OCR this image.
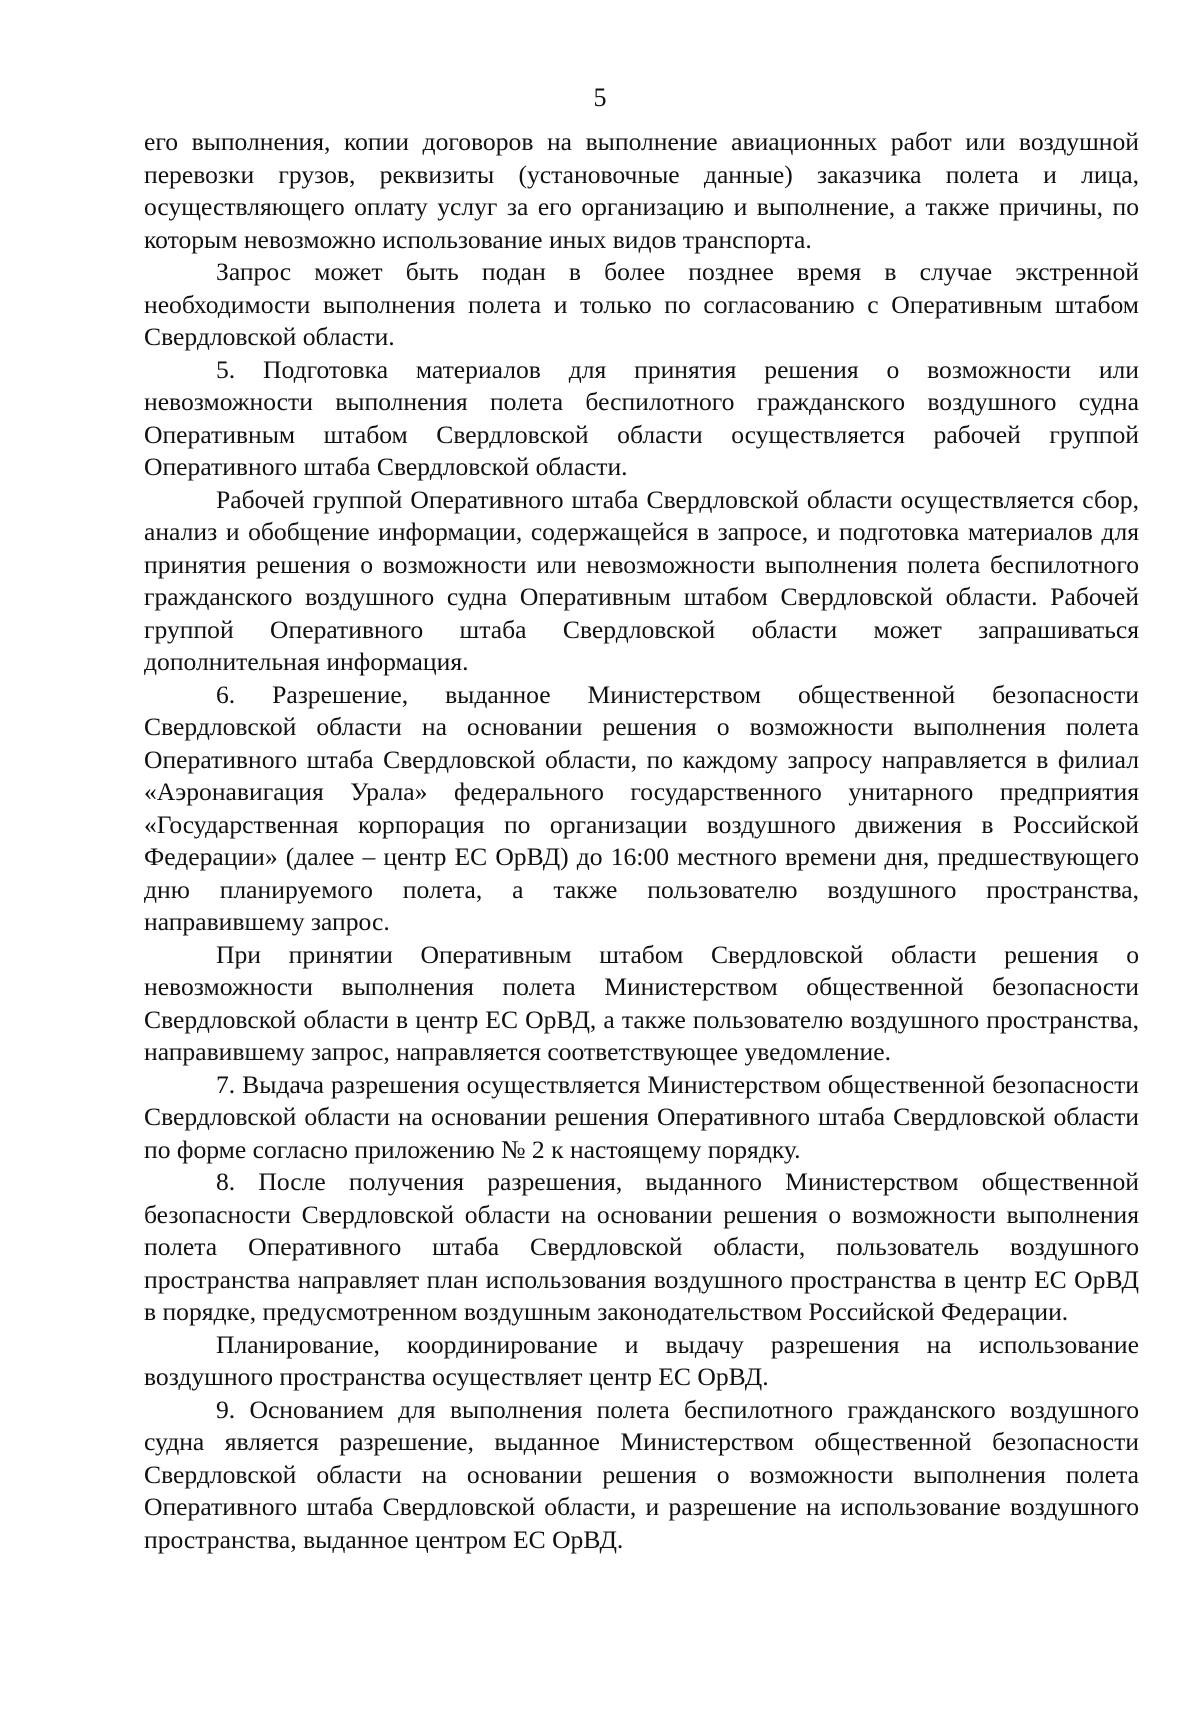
5

его выполнения, копии договоров на выполнение авиационных работ или воздушной перевозки грузов, реквизиты (установочные данные) заказчика полета и лица, осуществляющего оплату услуг за его организацию и выполнение, а также причины, по которым невозможно использование иных видов транспорта.

Запрос может быть подан в более позднее время в случае экстренной необходимости выполнения полета и только по согласованию с Оперативным штабом Свердловской области.

5. Подготовка материалов для принятия решения о возможности или невозможности выполнения полета беспилотного гражданского воздушного судна Оперативным штабом Свердловской области осуществляется рабочей группой Оперативного штаба Свердловской области.

Рабочей группой Оперативного штаба Свердловской области осуществляется сбор, анализ и обобщение информации, содержащейся в запросе, и подготовка материалов для принятия решения о возможности или невозможности выполнения полета беспилотного гражданского воздушного судна Оперативным штабом Свердловской области. Рабочей группой Оперативного штаба Свердловской области может запрашиваться дополнительная информация.

6. Разрешение, выданное Министерством общественной безопасности Свердловской области на основании решения о возможности выполнения полета Оперативного штаба Свердловской области, по каждому запросу направляется в филиал «Аэронавигация Урала» федерального государственного унитарного предприятия «Государственная корпорация по организации воздушного движения в Российской Федерации» (далее – центр ЕС ОрВД) до 16:00 местного времени дня, предшествующего дню планируемого полета, а также пользователю воздушного пространства, направившему запрос.

При принятии Оперативным штабом Свердловской области решения о невозможности выполнения полета Министерством общественной безопасности Свердловской области в центр ЕС ОрВД, а также пользователю воздушного пространства, направившему запрос, направляется соответствующее уведомление.

7. Выдача разрешения осуществляется Министерством общественной безопасности Свердловской области на основании решения Оперативного штаба Свердловской области по форме согласно приложению № 2 к настоящему порядку.

8. После получения разрешения, выданного Министерством общественной безопасности Свердловской области на основании решения о возможности выполнения полета Оперативного штаба Свердловской области, пользователь воздушного пространства направляет план использования воздушного пространства в центр ЕС ОрВД в порядке, предусмотренном воздушным законодательством Российской Федерации.

Планирование, координирование и выдачу разрешения на использование воздушного пространства осуществляет центр ЕС ОрВД.

9. Основанием для выполнения полета беспилотного гражданского воздушного судна является разрешение, выданное Министерством общественной безопасности Свердловской области на основании решения о возможности выполнения полета Оперативного штаба Свердловской области, и разрешение на использование воздушного пространства, выданное центром ЕС ОрВД.
